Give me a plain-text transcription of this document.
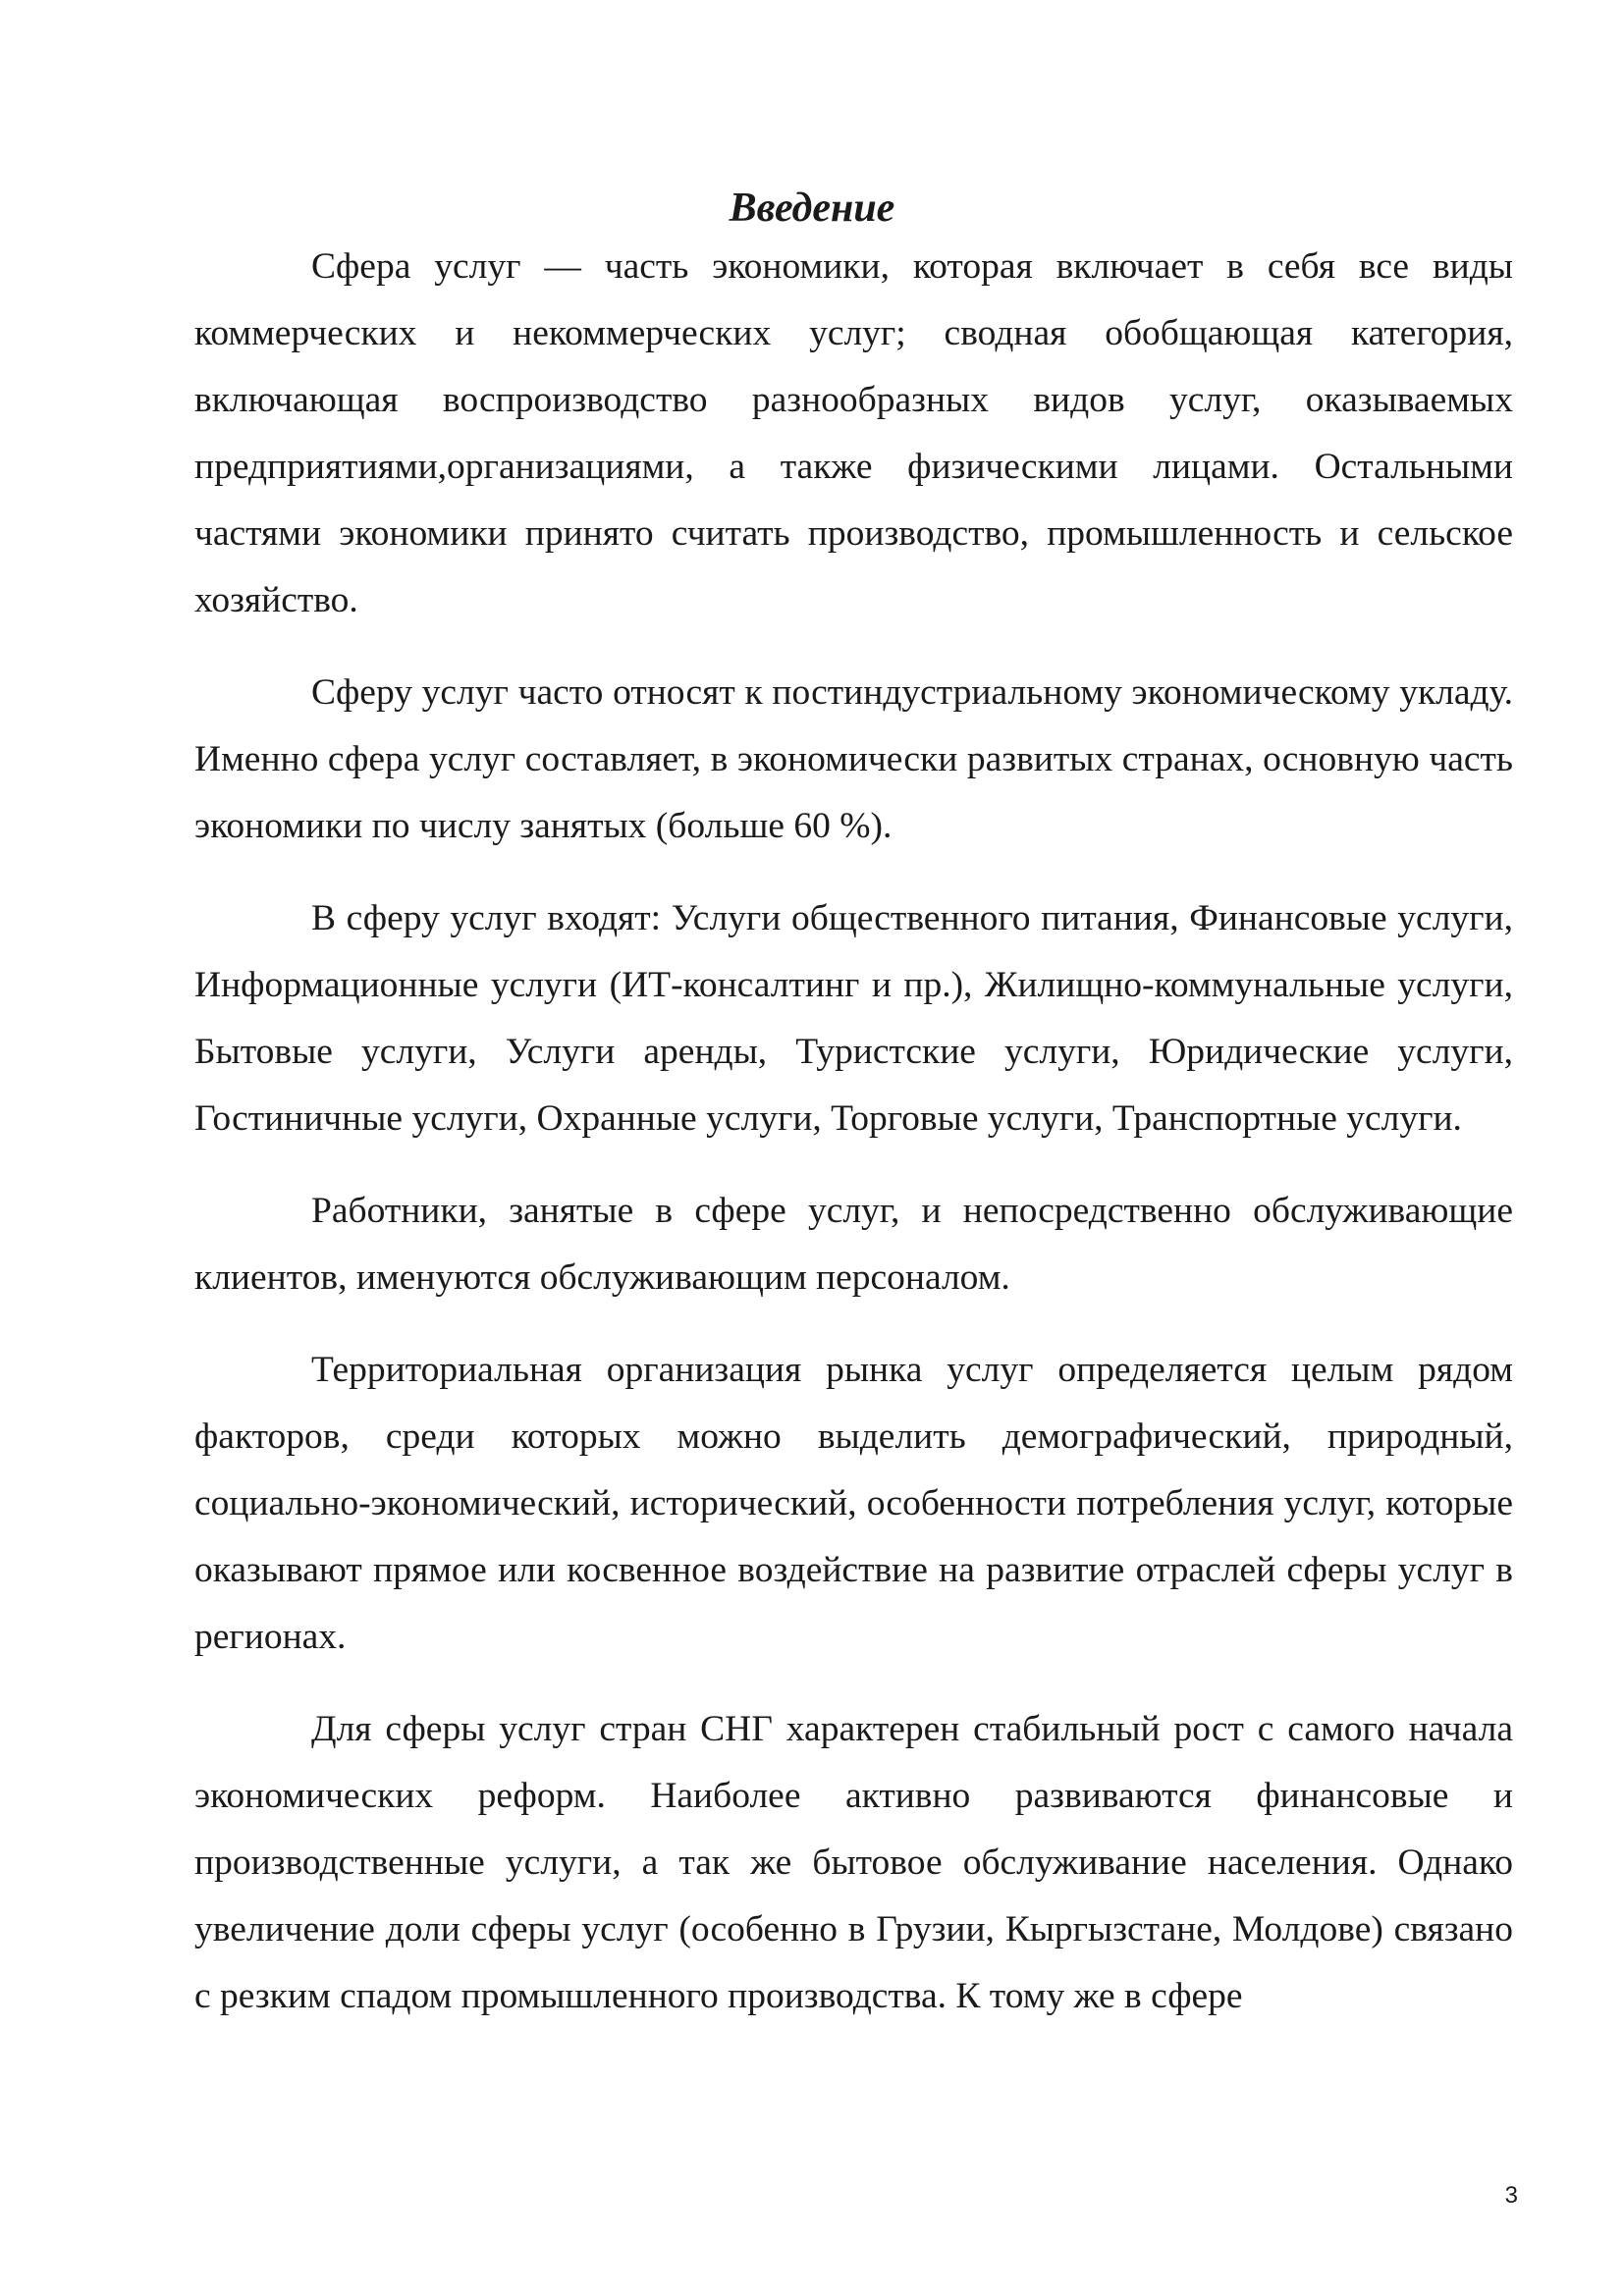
Введение

Сфера услуг — часть экономики, которая включает в себя все виды коммерческих и некоммерческих услуг; сводная обобщающая категория, включающая воспроизводство разнообразных видов услуг, оказываемых предприятиями,организациями, а также физическими лицами. Остальными частями экономики принято считать производство, промышленность и сельское хозяйство.

Сферу услуг часто относят к постиндустриальному экономическому укладу. Именно сфера услуг составляет, в экономически развитых странах, основную часть экономики по числу занятых (больше 60 %).

В сферу услуг входят: Услуги общественного питания, Финансовые услуги, Информационные услуги (ИТ-консалтинг и пр.), Жилищно-коммунальные услуги, Бытовые услуги, Услуги аренды, Туристские услуги, Юридические услуги, Гостиничные услуги, Охранные услуги, Торговые услуги, Транспортные услуги.

Работники, занятые в сфере услуг, и непосредственно обслуживающие клиентов, именуются обслуживающим персоналом.

Территориальная организация рынка услуг определяется целым рядом факторов, среди которых можно выделить демографический, природный, социально-экономический, исторический, особенности потребления услуг, которые оказывают прямое или косвенное воздействие на развитие отраслей сферы услуг в регионах.

Для сферы услуг стран СНГ характерен стабильный рост с самого начала экономических реформ. Наиболее активно развиваются финансовые и производственные услуги, а так же бытовое обслуживание населения. Однако увеличение доли сферы услуг (особенно в Грузии, Кыргызстане, Молдове) связано с резким спадом промышленного производства. К тому же в сфере

3
